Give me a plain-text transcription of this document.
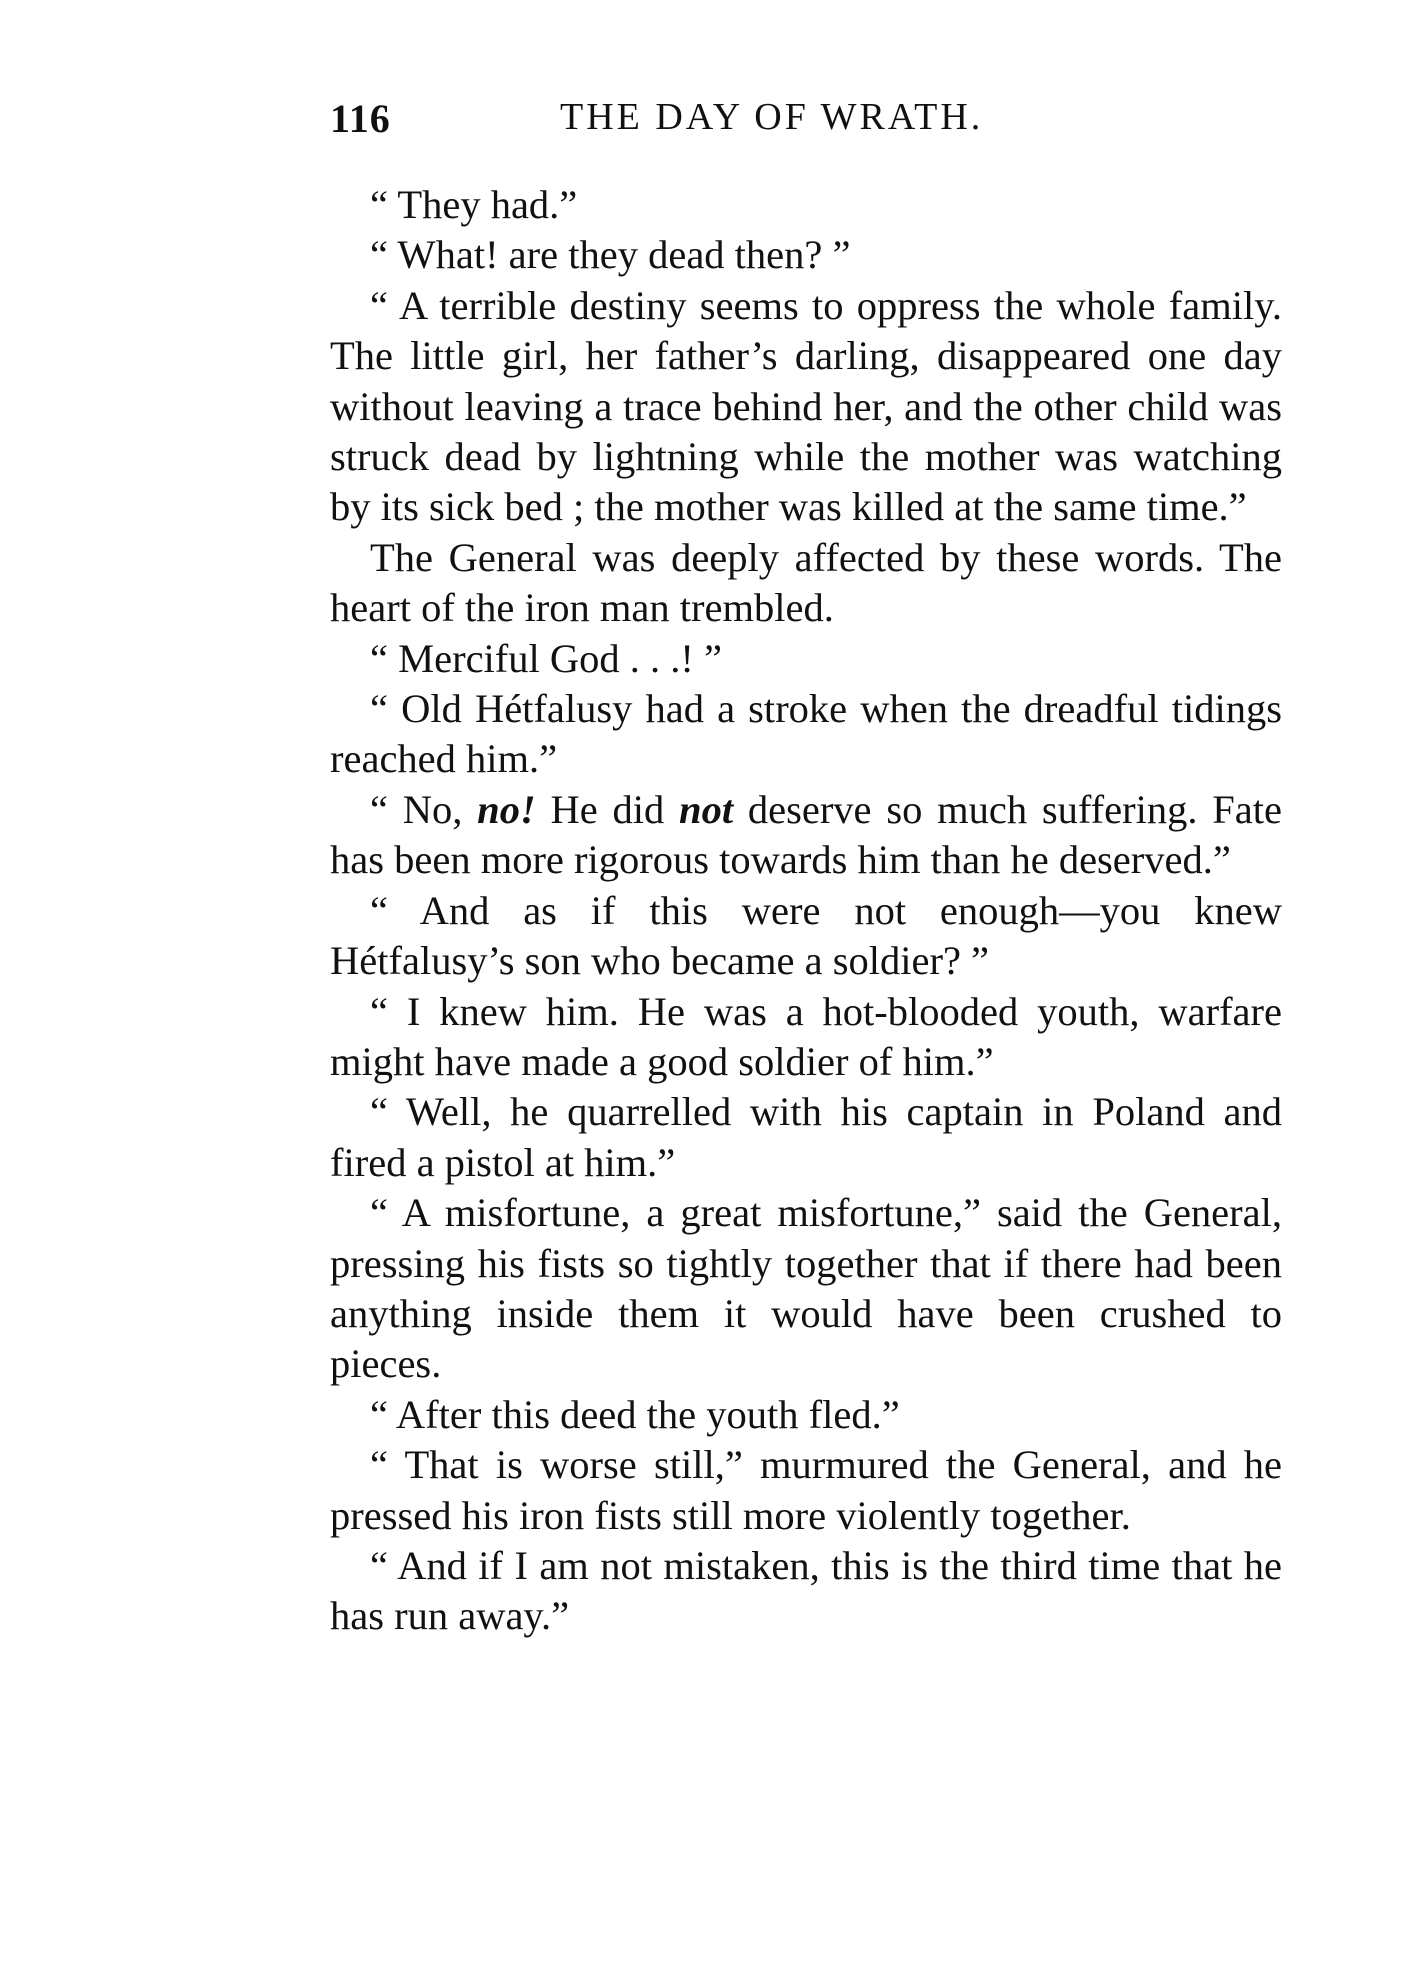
116	THE DAY OF WRATH.

“ They had.”

“ What! are they dead then? ”

“ A terrible destiny seems to oppress the whole family. The little girl, her father’s darling, disappeared one day without leaving a trace behind her, and the other child was struck dead by lightning while the mother was watching by its sick bed ; the mother was killed at the same time.”

The General was deeply affected by these words. The heart of the iron man trembled.

“ Merciful God . . .! ”

“ Old Hétfalusy had a stroke when the dreadful tidings reached him.”

“ No, no! He did not deserve so much suffering. Fate has been more rigorous towards him than he deserved.”

“ And as if this were not enough—you knew Hétfalusy’s son who became a soldier? ”

“ I knew him. He was a hot-blooded youth, warfare might have made a good soldier of him.”

“ Well, he quarrelled with his captain in Poland and fired a pistol at him.”

“ A misfortune, a great misfortune,” said the General, pressing his fists so tightly together that if there had been anything inside them it would have been crushed to pieces.

“ After this deed the youth fled.”

“ That is worse still,” murmured the General, and he pressed his iron fists still more violently together.

“ And if I am not mistaken, this is the third time that he has run away.”
